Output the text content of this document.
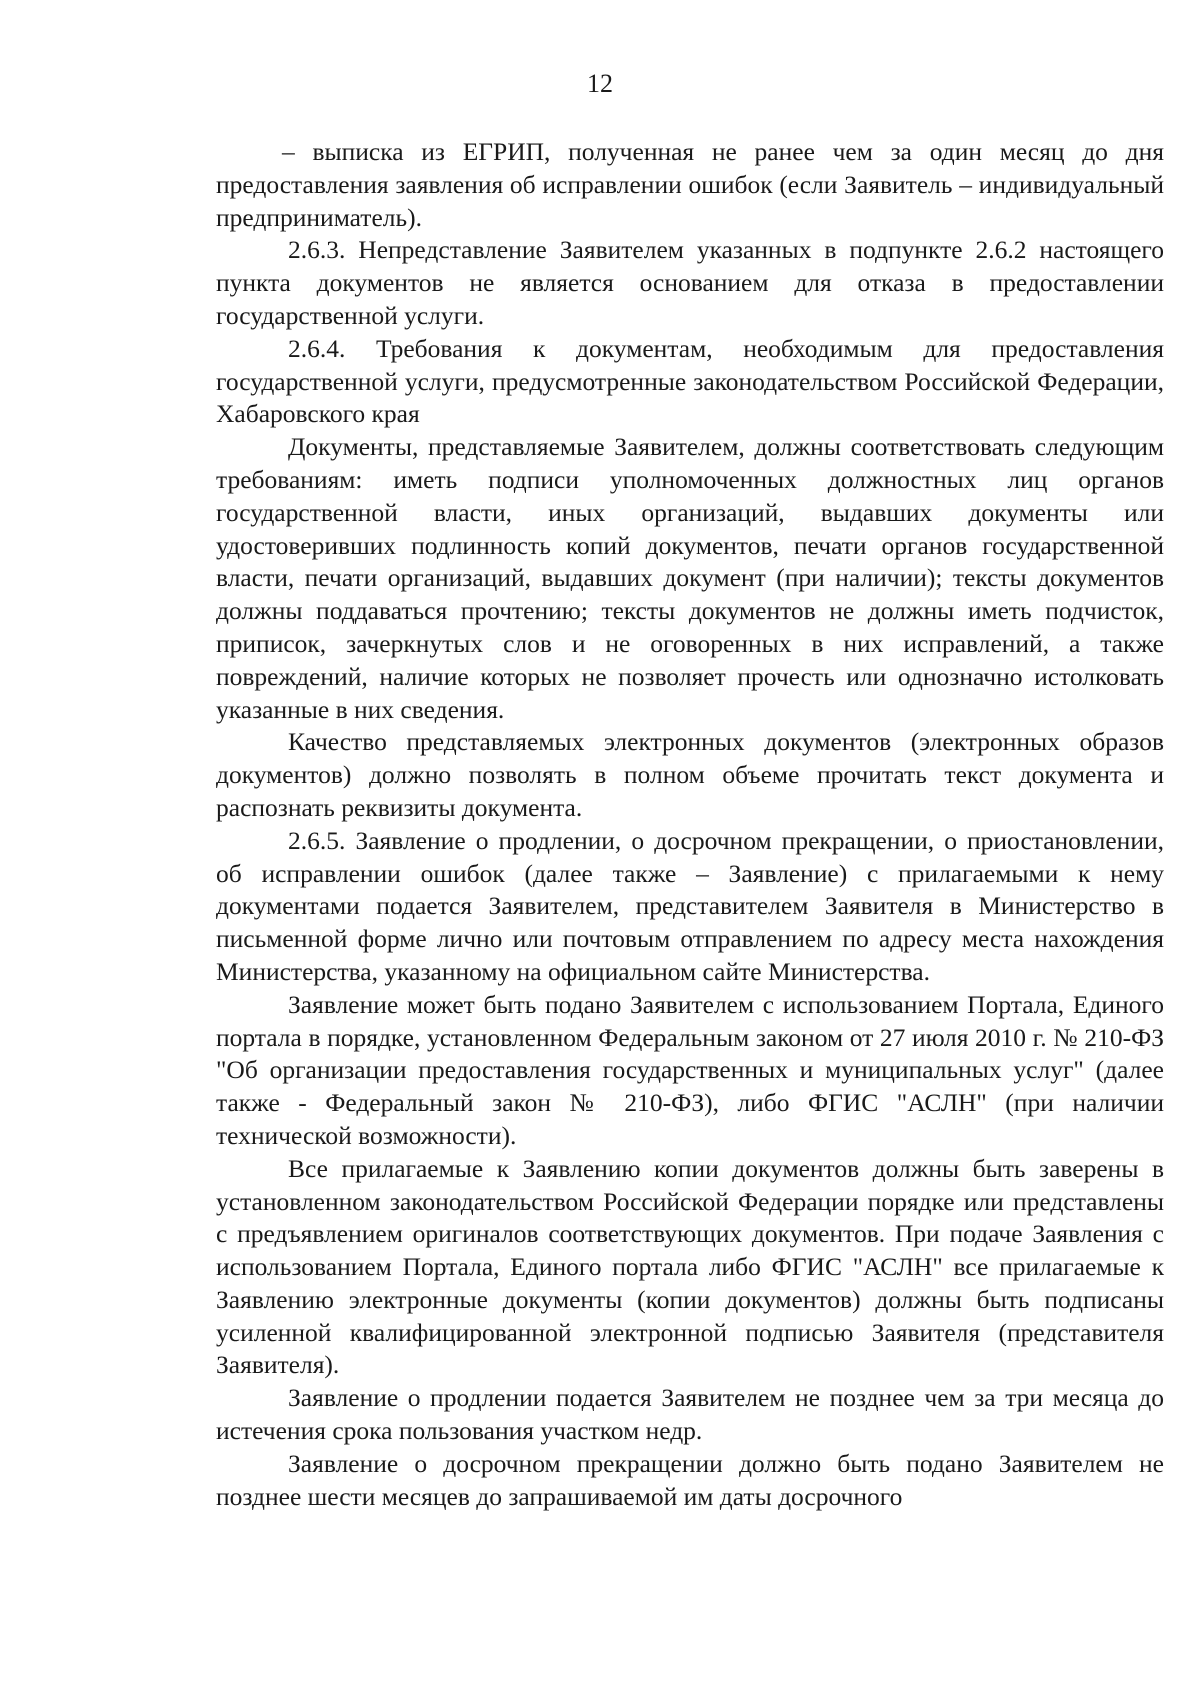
12

– выписка из ЕГРИП, полученная не ранее чем за один месяц до дня предоставления заявления об исправлении ошибок (если Заявитель – индивидуальный предприниматель).

2.6.3. Непредставление Заявителем указанных в подпункте 2.6.2 настоящего пункта документов не является основанием для отказа в предоставлении государственной услуги.

2.6.4. Требования к документам, необходимым для предоставления государственной услуги, предусмотренные законодательством Российской Федерации, Хабаровского края

Документы, представляемые Заявителем, должны соответствовать следующим требованиям: иметь подписи уполномоченных должностных лиц органов государственной власти, иных организаций, выдавших документы или удостоверивших подлинность копий документов, печати органов государственной власти, печати организаций, выдавших документ (при наличии); тексты документов должны поддаваться прочтению; тексты документов не должны иметь подчисток, приписок, зачеркнутых слов и не оговоренных в них исправлений, а также повреждений, наличие которых не позволяет прочесть или однозначно истолковать указанные в них сведения.

Качество представляемых электронных документов (электронных образов документов) должно позволять в полном объеме прочитать текст документа и распознать реквизиты документа.

2.6.5. Заявление о продлении, о досрочном прекращении, о приостановлении, об исправлении ошибок (далее также – Заявление) с прилагаемыми к нему документами подается Заявителем, представителем Заявителя в Министерство в письменной форме лично или почтовым отправлением по адресу места нахождения Министерства, указанному на официальном сайте Министерства.

Заявление может быть подано Заявителем с использованием Портала, Единого портала в порядке, установленном Федеральным законом от 27 июля 2010 г. № 210-ФЗ "Об организации предоставления государственных и муниципальных услуг" (далее также - Федеральный закон № 210-ФЗ), либо ФГИС "АСЛН" (при наличии технической возможности).

Все прилагаемые к Заявлению копии документов должны быть заверены в установленном законодательством Российской Федерации порядке или представлены с предъявлением оригиналов соответствующих документов. При подаче Заявления с использованием Портала, Единого портала либо ФГИС "АСЛН" все прилагаемые к Заявлению электронные документы (копии документов) должны быть подписаны усиленной квалифицированной электронной подписью Заявителя (представителя Заявителя).

Заявление о продлении подается Заявителем не позднее чем за три месяца до истечения срока пользования участком недр.

Заявление о досрочном прекращении должно быть подано Заявителем не позднее шести месяцев до запрашиваемой им даты досрочного
